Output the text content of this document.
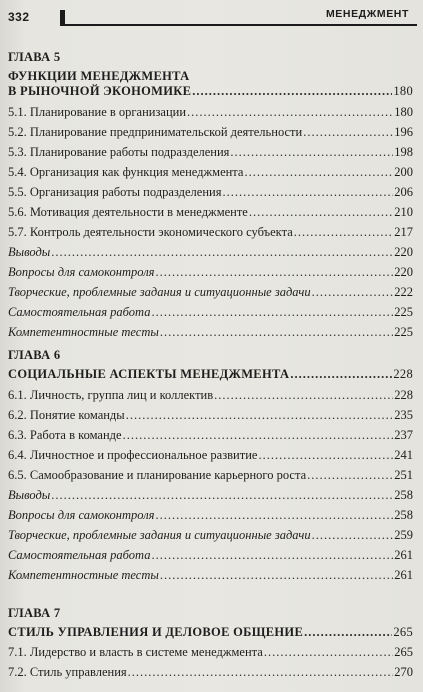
332	МЕНЕДЖМЕНТ
ГЛАВА 5
ФУНКЦИИ МЕНЕДЖМЕНТА
В РЫНОЧНОЙ ЭКОНОМИКЕ .....	180
5.1. Планирование в организации .....	180
5.2. Планирование предпринимательской деятельности .....	196
5.3. Планирование работы подразделения .....	198
5.4. Организация как функция менеджмента .....	200
5.5. Организация работы подразделения .....	206
5.6. Мотивация деятельности в менеджменте .....	210
5.7. Контроль деятельности экономического субъекта .....	217
Выводы .....	220
Вопросы для самоконтроля .....	220
Творческие, проблемные задания и ситуационные задачи .....	222
Самостоятельная работа .....	225
Компетентностные тесты .....	225
ГЛАВА 6
СОЦИАЛЬНЫЕ АСПЕКТЫ МЕНЕДЖМЕНТА .....	228
6.1. Личность, группа лиц и коллектив .....	228
6.2. Понятие команды .....	235
6.3. Работа в команде .....	237
6.4. Личностное и профессиональное развитие .....	241
6.5. Самообразование и планирование карьерного роста .....	251
Выводы .....	258
Вопросы для самоконтроля .....	258
Творческие, проблемные задания и ситуационные задачи .....	259
Самостоятельная работа .....	261
Компетентностные тесты .....	261
ГЛАВА 7
СТИЛЬ УПРАВЛЕНИЯ И ДЕЛОВОЕ ОБЩЕНИЕ .....	265
7.1. Лидерство и власть в системе менеджмента .....	265
7.2. Стиль управления .....	270
